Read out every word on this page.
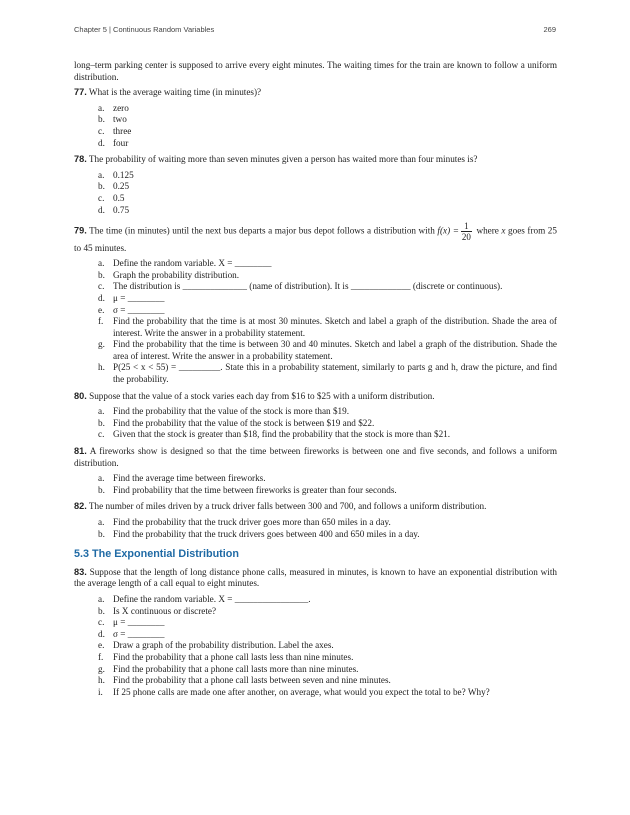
Chapter 5 | Continuous Random Variables	269

long–term parking center is supposed to arrive every eight minutes. The waiting times for the train are known to follow a uniform distribution.

77. What is the average waiting time (in minutes)?

a. zero
b. two
c. three
d. four

78. The probability of waiting more than seven minutes given a person has waited more than four minutes is?

a. 0.125
b. 0.25
c. 0.5
d. 0.75

79. The time (in minutes) until the next bus departs a major bus depot follows a distribution with $f(x) = \frac{1}{20}$ where x goes from 25 to 45 minutes.

a. Define the random variable. X = ________
b. Graph the probability distribution.
c. The distribution is ______________ (name of distribution). It is _____________ (discrete or continuous).
d. μ = ________
e. σ = ________
f. Find the probability that the time is at most 30 minutes. Sketch and label a graph of the distribution. Shade the area of interest. Write the answer in a probability statement.
g. Find the probability that the time is between 30 and 40 minutes. Sketch and label a graph of the distribution. Shade the area of interest. Write the answer in a probability statement.
h. P(25 < x < 55) = _________. State this in a probability statement, similarly to parts g and h, draw the picture, and find the probability.

80. Suppose that the value of a stock varies each day from $16 to $25 with a uniform distribution.

a. Find the probability that the value of the stock is more than $19.
b. Find the probability that the value of the stock is between $19 and $22.
c. Given that the stock is greater than $18, find the probability that the stock is more than $21.

81. A fireworks show is designed so that the time between fireworks is between one and five seconds, and follows a uniform distribution.

a. Find the average time between fireworks.
b. Find probability that the time between fireworks is greater than four seconds.

82. The number of miles driven by a truck driver falls between 300 and 700, and follows a uniform distribution.

a. Find the probability that the truck driver goes more than 650 miles in a day.
b. Find the probability that the truck drivers goes between 400 and 650 miles in a day.
5.3 The Exponential Distribution

83. Suppose that the length of long distance phone calls, measured in minutes, is known to have an exponential distribution with the average length of a call equal to eight minutes.

a. Define the random variable. X = ________________.
b. Is X continuous or discrete?
c. μ = ________
d. σ = ________
e. Draw a graph of the probability distribution. Label the axes.
f. Find the probability that a phone call lasts less than nine minutes.
g. Find the probability that a phone call lasts more than nine minutes.
h. Find the probability that a phone call lasts between seven and nine minutes.
i. If 25 phone calls are made one after another, on average, what would you expect the total to be? Why?
